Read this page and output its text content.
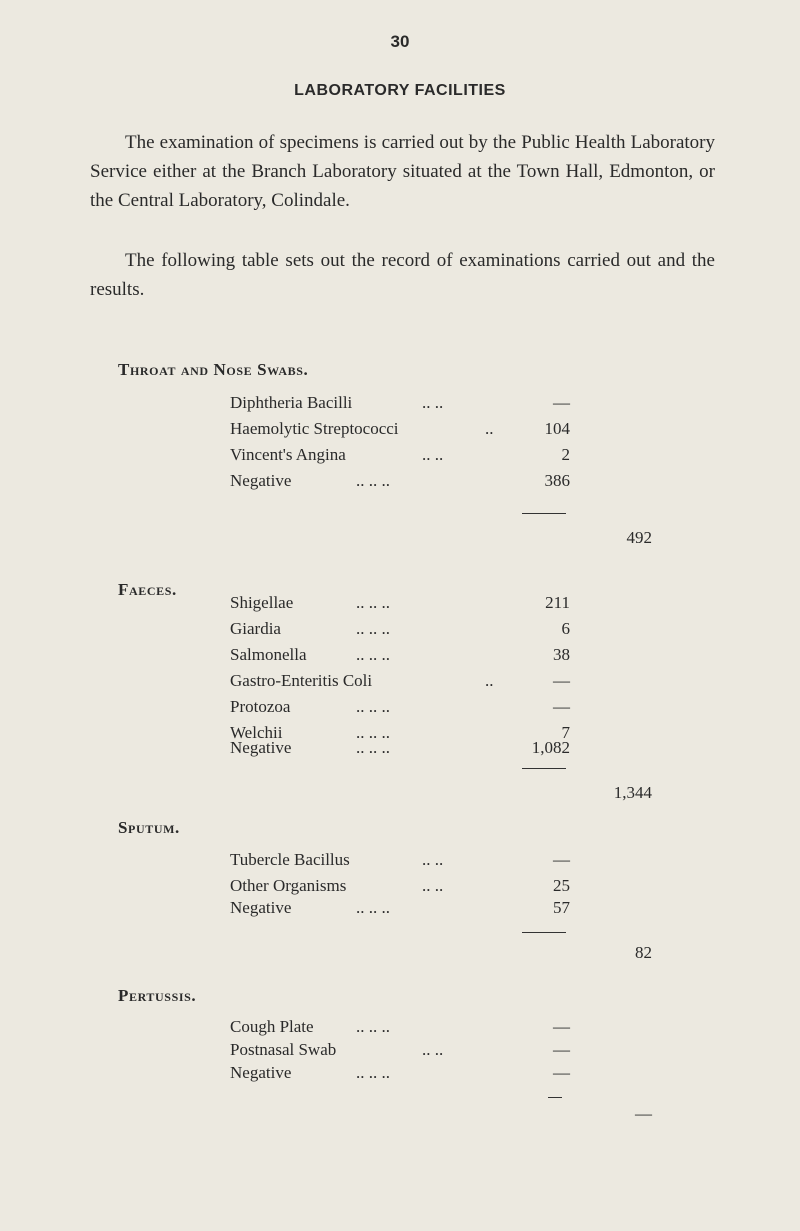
30
LABORATORY FACILITIES

The examination of specimens is carried out by the Public Health Laboratory Service either at the Branch Laboratory situated at the Town Hall, Edmonton, or the Central Laboratory, Colindale.

The following table sets out the record of examinations carried out and the results.

Throat and Nose Swabs.
Diphtheria Bacilli	.. ..	—
Haemolytic Streptococci	..	104
Vincent's Angina	.. ..	2
Negative	.. .. ..	386
492
Faeces.
Shigellae	.. .. ..	211
Giardia	.. .. ..	6
Salmonella	.. .. ..	38
Gastro-Enteritis Coli	..	—
Protozoa	.. .. ..	—
Welchii	.. .. ..	7
Negative	.. .. ..	1,082
1,344
Sputum.
Tubercle Bacillus	.. ..	—
Other Organisms	.. ..	25
Negative	.. .. ..	57
82
Pertussis.
Cough Plate .. .. ..	—
Postnasal Swab	.. ..	—
Negative	.. .. ..	—
—
